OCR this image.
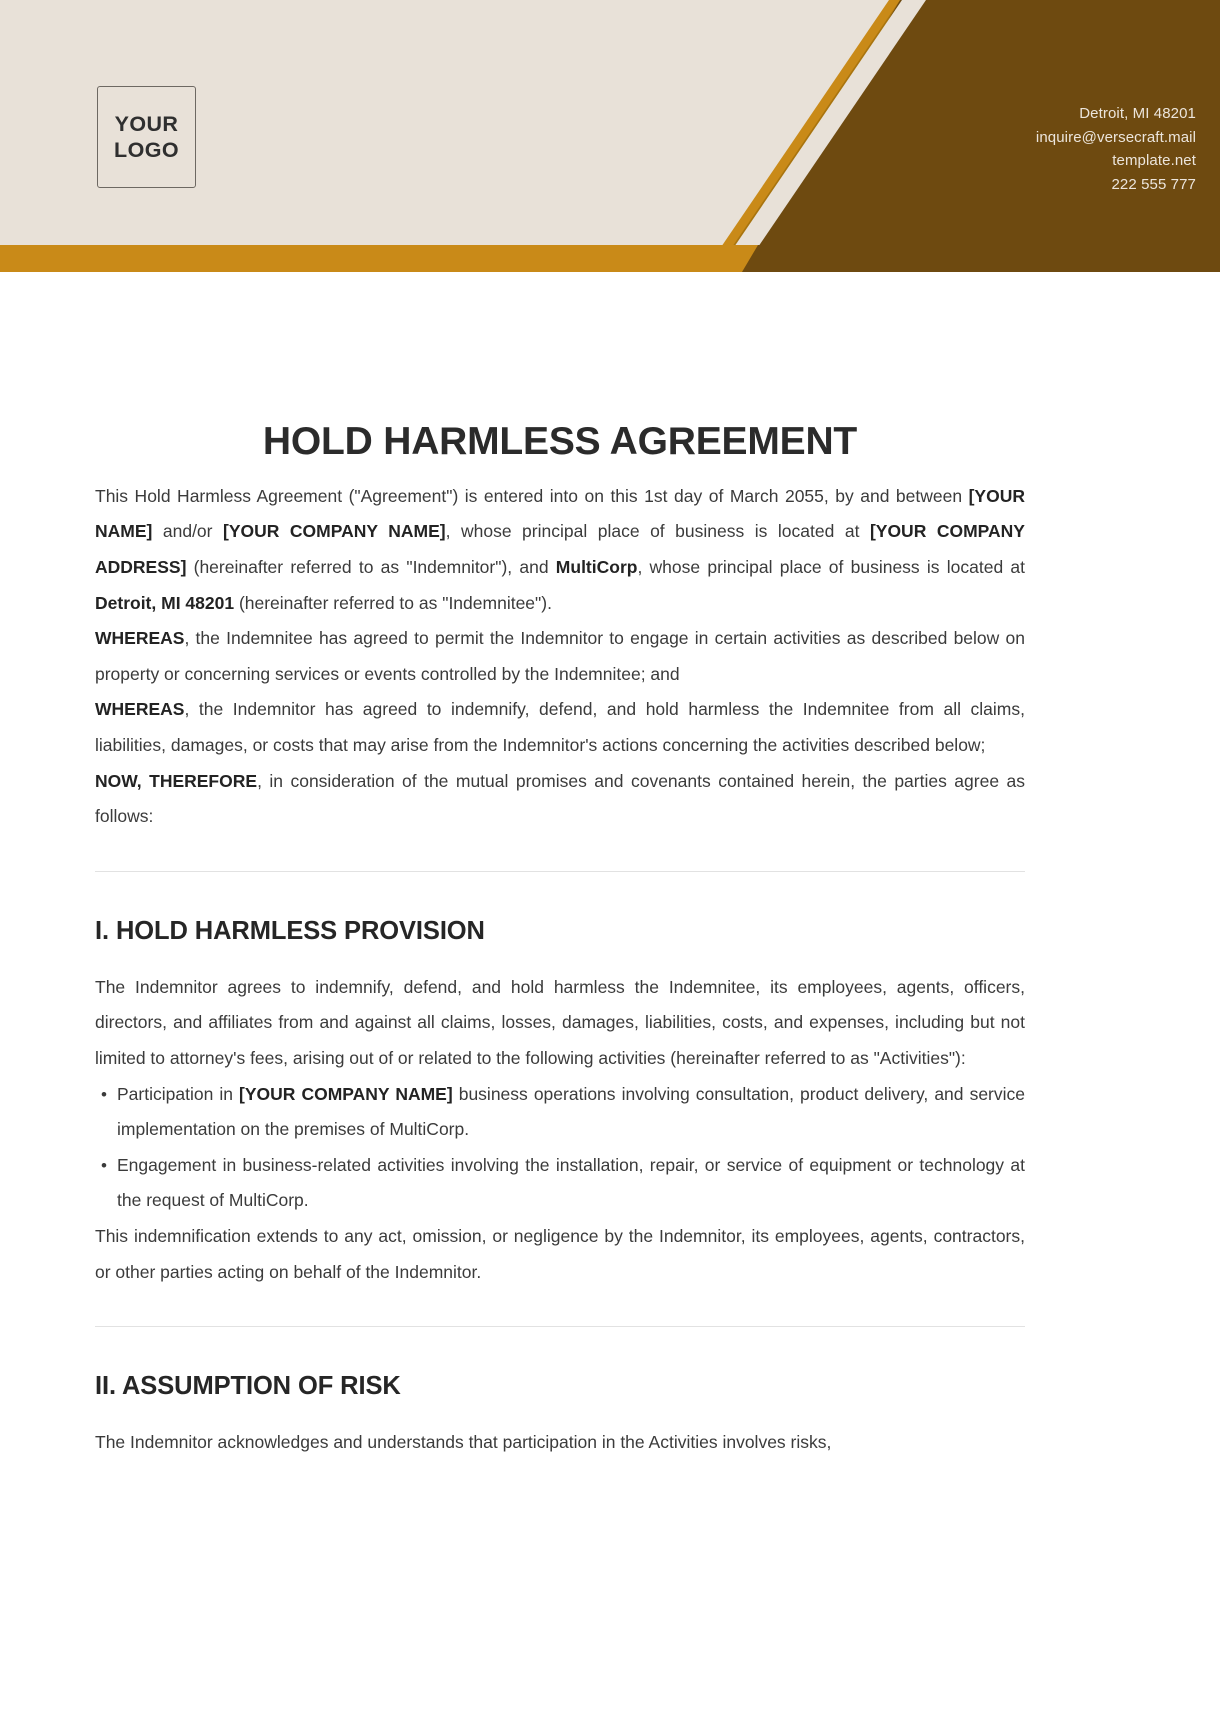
YOUR
LOGO
Detroit, MI 48201
inquire@versecraft.mail
template.net
222 555 777
HOLD HARMLESS AGREEMENT

This Hold Harmless Agreement ("Agreement") is entered into on this 1st day of March 2055, by and between [YOUR NAME] and/or [YOUR COMPANY NAME], whose principal place of business is located at [YOUR COMPANY ADDRESS] (hereinafter referred to as "Indemnitor"), and MultiCorp, whose principal place of business is located at Detroit, MI 48201 (hereinafter referred to as "Indemnitee").

WHEREAS, the Indemnitee has agreed to permit the Indemnitor to engage in certain activities as described below on property or concerning services or events controlled by the Indemnitee; and

WHEREAS, the Indemnitor has agreed to indemnify, defend, and hold harmless the Indemnitee from all claims, liabilities, damages, or costs that may arise from the Indemnitor's actions concerning the activities described below;

NOW, THEREFORE, in consideration of the mutual promises and covenants contained herein, the parties agree as follows:

I. HOLD HARMLESS PROVISION

The Indemnitor agrees to indemnify, defend, and hold harmless the Indemnitee, its employees, agents, officers, directors, and affiliates from and against all claims, losses, damages, liabilities, costs, and expenses, including but not limited to attorney's fees, arising out of or related to the following activities (hereinafter referred to as "Activities"):

• Participation in [YOUR COMPANY NAME] business operations involving consultation, product delivery, and service implementation on the premises of MultiCorp.
• Engagement in business-related activities involving the installation, repair, or service of equipment or technology at the request of MultiCorp.

This indemnification extends to any act, omission, or negligence by the Indemnitor, its employees, agents, contractors, or other parties acting on behalf of the Indemnitor.

II. ASSUMPTION OF RISK

The Indemnitor acknowledges and understands that participation in the Activities involves risks,
